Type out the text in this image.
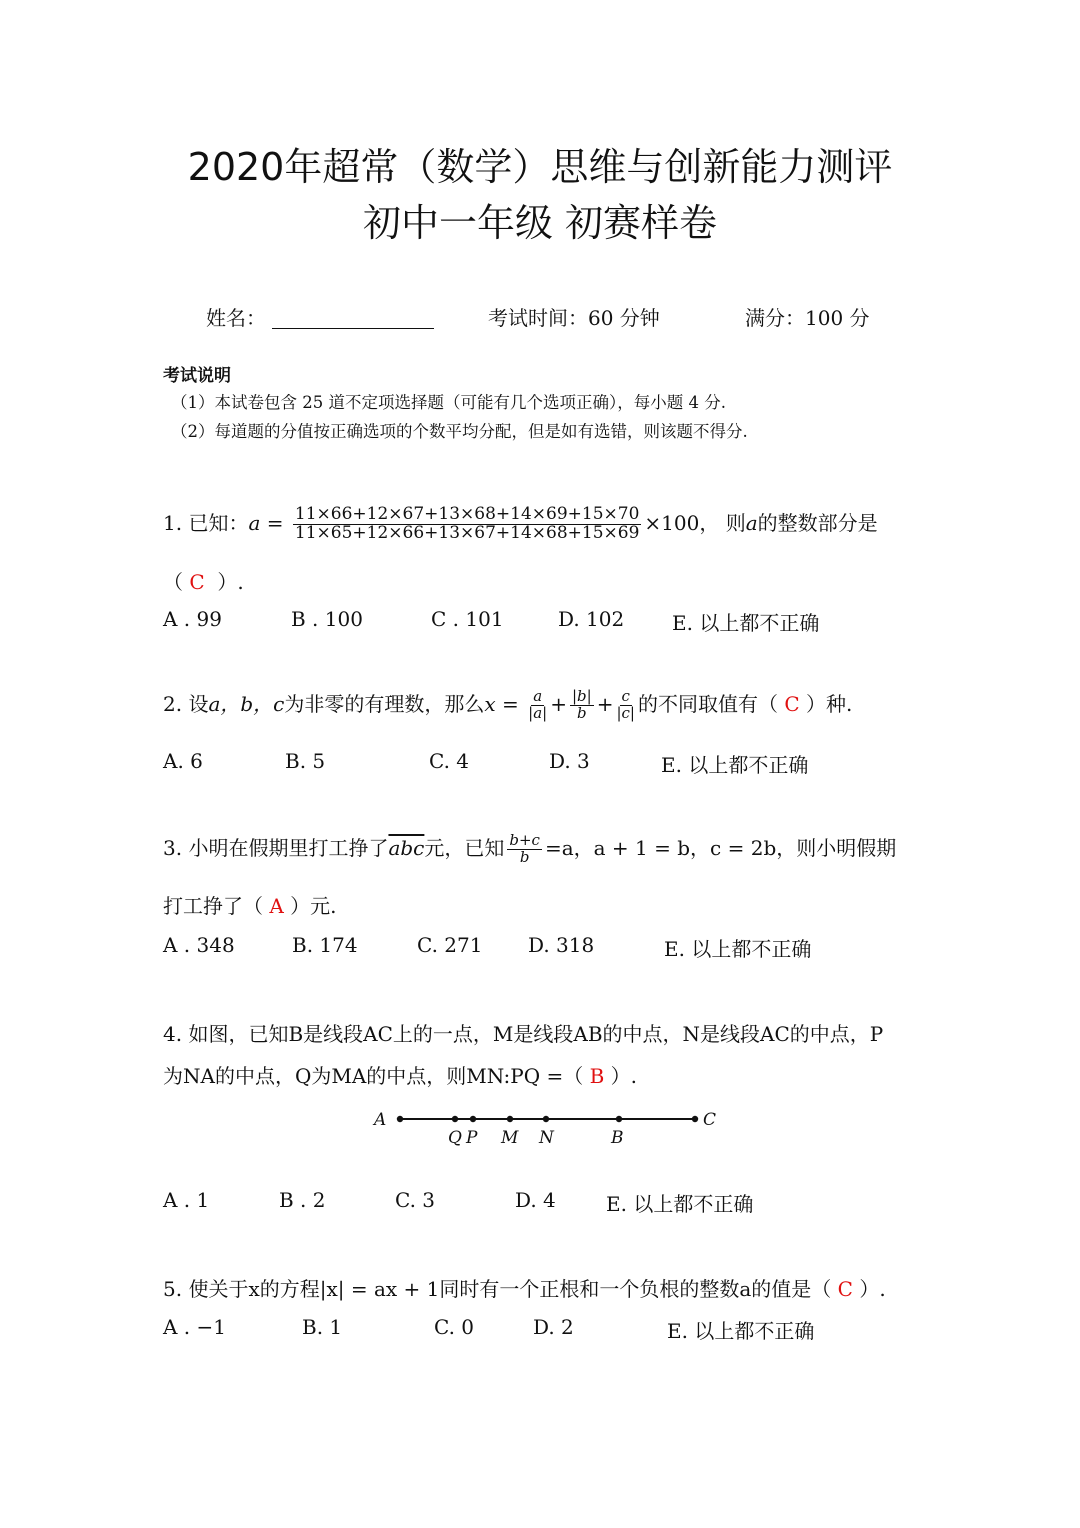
2020年超常（数学）思维与创新能力测评
初中一年级 初赛样卷
姓名：	考试时间：60 分钟	满分：100 分
考试说明
（1）本试卷包含 25 道不定项选择题（可能有几个选项正确），每小题 4 分.
（2）每道题的分值按正确选项的个数平均分配，但是如有选错，则该题不得分.
1. 已知：$a = \frac{11\times 66+12\times 67+13\times 68+14\times 69+15\times 70}{11\times 65+12\times 66+13\times 67+14\times 68+15\times 69} \times 100$， 则a的整数部分是
（ C ）.
A . 99	B . 100	C . 101	D. 102 E. 以上都不正确
2. 设a，b，c为非零的有理数，那么$x = \frac{a}{|a|} + \frac{|b|}{b} + \frac{c}{|c|}$ 的不同取值有（ C ）种.
A. 6	B. 5	C. 4	D. 3	E. 以上都不正确
3. 小明在假期里打工挣了$\overline{abc}$元，已知 $\frac{b+c}{b} =a$，a + 1 = b，c = 2b，则小明假期
打工挣了（ A ）元.
A . 348	B. 174	C. 271 D. 318	E. 以上都不正确
4. 如图，已知B是线段AC上的一点，M是线段AB的中点，N是线段AC的中点，P
为NA的中点，Q为MA的中点，则MN:PQ =（ B ）.
A
Q P M N	B
C
A . 1	B . 2	C. 3	D. 4	E. 以上都不正确
5. 使关于x的方程|x| = ax + 1同时有一个正根和一个负根的整数a的值是（ C ）.
A . −1	B. 1	C. 0	D. 2	E. 以上都不正确
